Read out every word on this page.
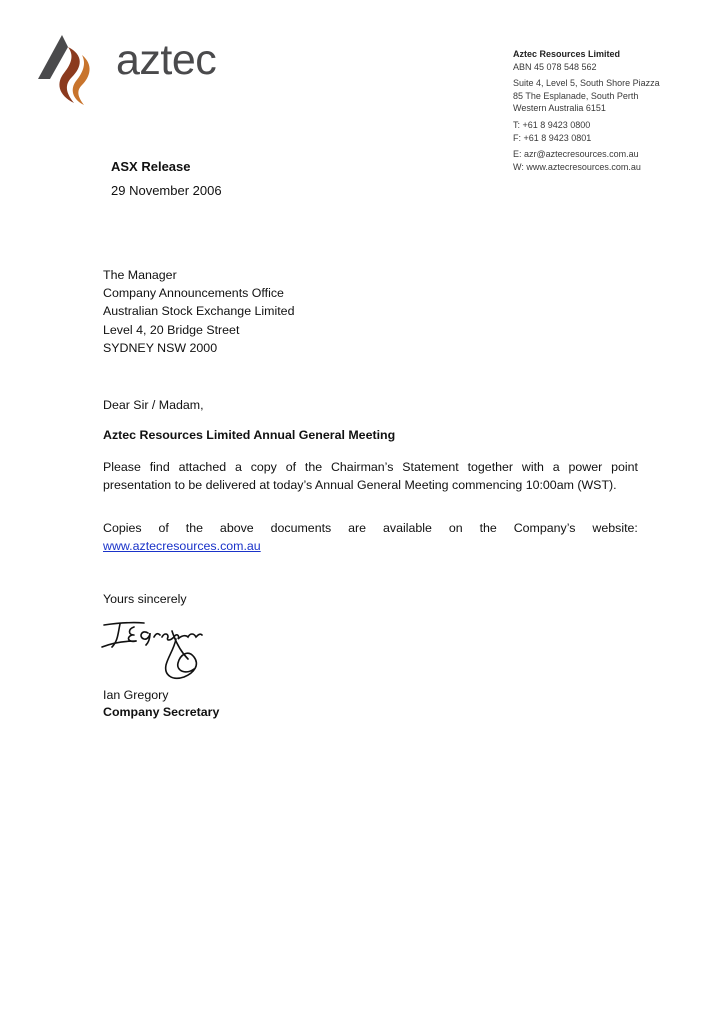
aztec	Aztec Resources Limited
ABN 45 078 548 562
Suite 4, Level 5, South Shore Piazza
85 The Esplanade, South Perth
Western Australia 6151
T: +61 8 9423 0800
F: +61 8 9423 0801
E: azr@aztecresources.com.au
W: www.aztecresources.com.au
ASX Release
29 November 2006
The Manager
Company Announcements Office
Australian Stock Exchange Limited
Level 4, 20 Bridge Street
SYDNEY NSW 2000
Dear Sir / Madam,
Aztec Resources Limited Annual General Meeting
Please find attached a copy of the Chairman’s Statement together with a power point presentation to be delivered at today’s Annual General Meeting commencing 10:00am (WST).
Copies of the above documents are available on the Company’s website:
www.aztecresources.com.au
Yours sincerely
Ian Gregory
Company Secretary
